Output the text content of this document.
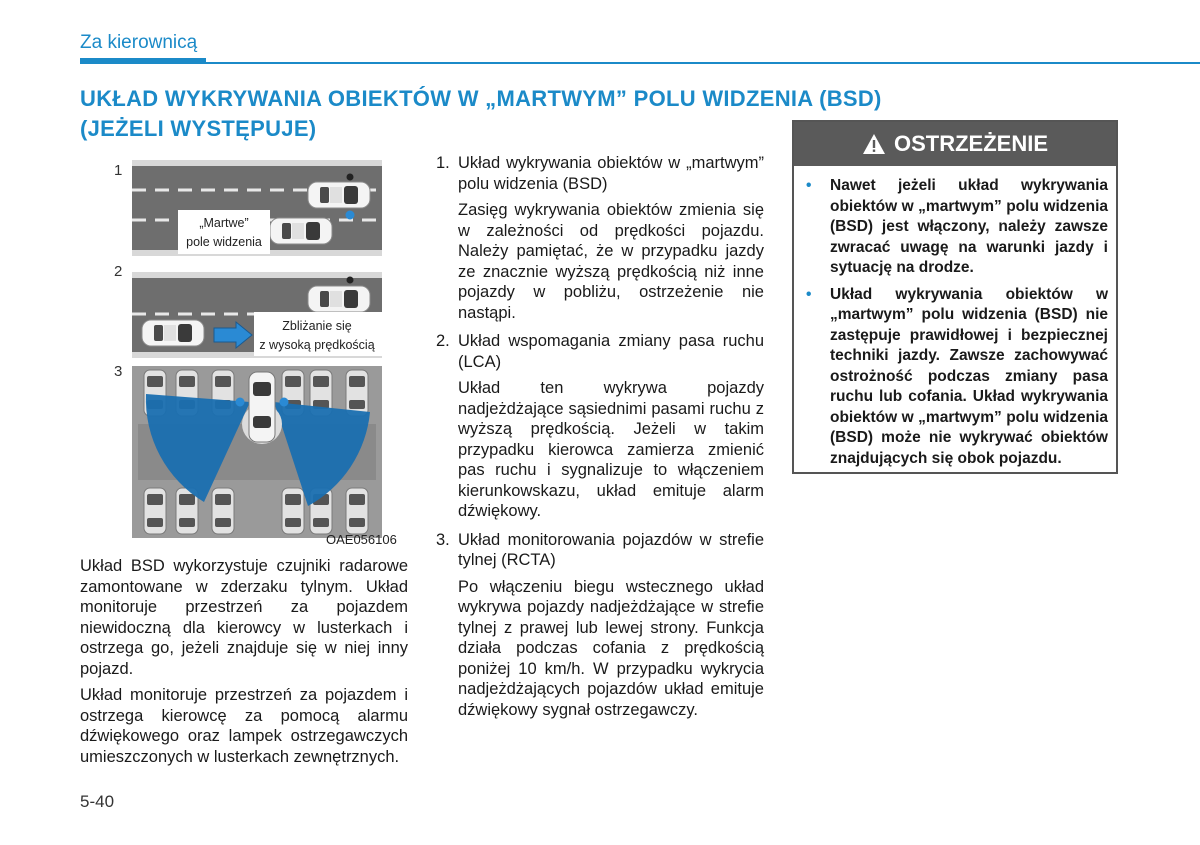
Za kierownicą
UKŁAD WYKRYWANIA OBIEKTÓW W „MARTWYM” POLU WIDZENIA (BSD)
(JEŻELI WYSTĘPUJE)
1
2
3
„Martwe”
pole widzenia
Zbliżanie się
z wysoką prędkością
OAE056106

Układ BSD wykorzystuje czujniki radarowe zamontowane w zderzaku tylnym. Układ monitoruje przestrzeń za pojazdem niewidoczną dla kierowcy w lusterkach i ostrzega go, jeżeli znajduje się w niej inny pojazd.

Układ monitoruje przestrzeń za pojazdem i ostrzega kierowcę za pomocą alarmu dźwiękowego oraz lampek ostrzegawczych umieszczonych w lusterkach zewnętrznych.

1. Układ wykrywania obiektów w „martwym” polu widzenia (BSD)
Zasięg wykrywania obiektów zmienia się w zależności od prędkości pojazdu. Należy pamiętać, że w przypadku jazdy ze znacznie wyższą prędkością niż inne pojazdy w pobliżu, ostrzeżenie nie nastąpi.
2. Układ wspomagania zmiany pasa ruchu (LCA)
Układ ten wykrywa pojazdy nadjeżdżające sąsiednimi pasami ruchu z wyższą prędkością. Jeżeli w takim przypadku kierowca zamierza zmienić pas ruchu i sygnalizuje to włączeniem kierunkowskazu, układ emituje alarm dźwiękowy.
3. Układ monitorowania pojazdów w strefie tylnej (RCTA)
Po włączeniu biegu wstecznego układ wykrywa pojazdy nadjeżdżające w strefie tylnej z prawej lub lewej strony. Funkcja działa podczas cofania z prędkością poniżej 10 km/h. W przypadku wykrycia nadjeżdżających pojazdów układ emituje dźwiękowy sygnał ostrzegawczy.
OSTRZEŻENIE
•	Nawet jeżeli układ wykrywania obiektów w „martwym” polu widzenia (BSD) jest włączony, należy zawsze zwracać uwagę na warunki jazdy i sytuację na drodze.
•	Układ wykrywania obiektów w „martwym” polu widzenia (BSD) nie zastępuje prawidłowej i bezpiecznej techniki jazdy. Zawsze zachowywać ostrożność podczas zmiany pasa ruchu lub cofania. Układ wykrywania obiektów w „martwym” polu widzenia (BSD) może nie wykrywać obiektów znajdujących się obok pojazdu.
5-40
